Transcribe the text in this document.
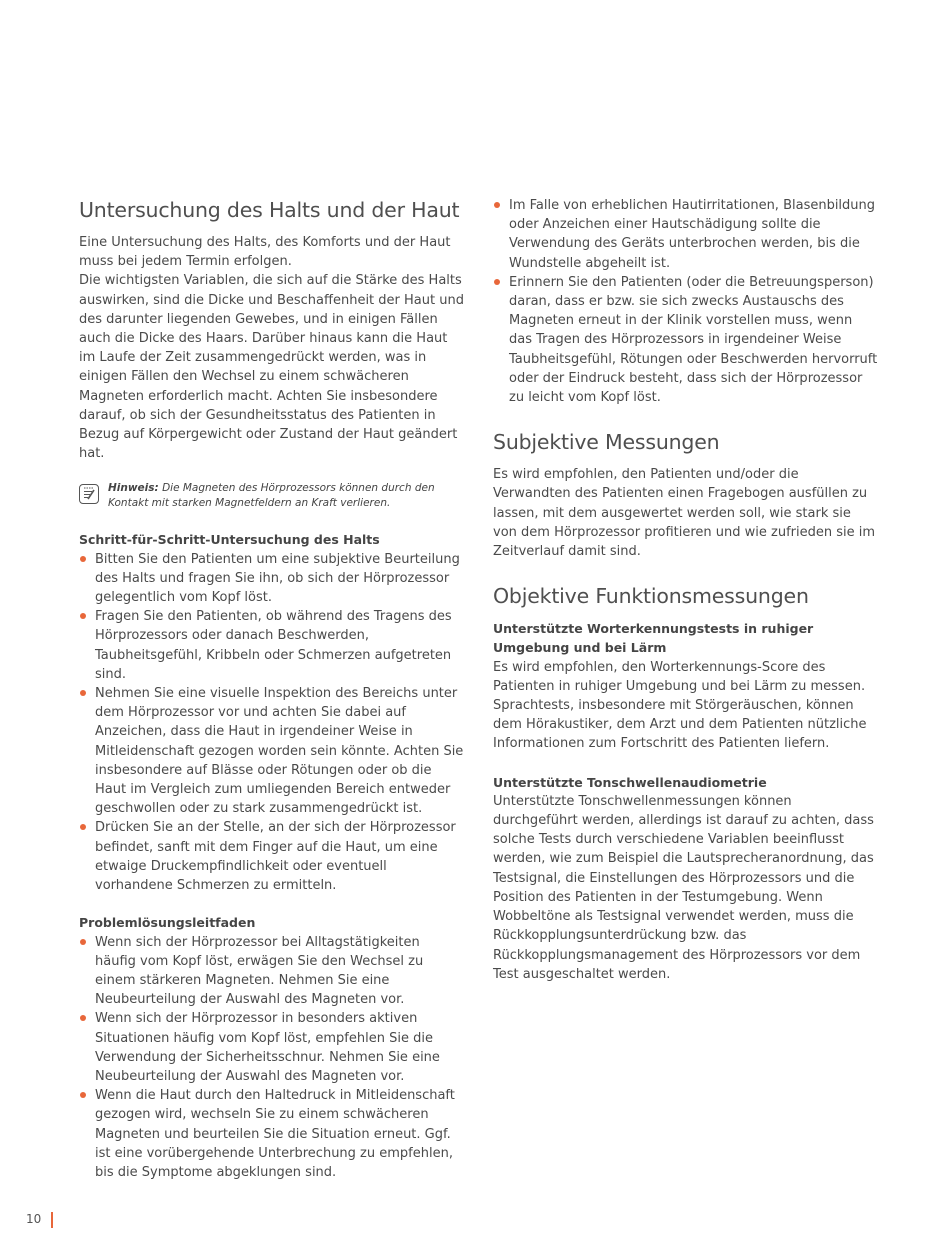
Untersuchung des Halts und der Haut

Eine Untersuchung des Halts, des Komforts und der Haut muss bei jedem Termin erfolgen.

Die wichtigsten Variablen, die sich auf die Stärke des Halts auswirken, sind die Dicke und Beschaffenheit der Haut und des darunter liegenden Gewebes, und in einigen Fällen auch die Dicke des Haars. Darüber hinaus kann die Haut im Laufe der Zeit zusammengedrückt werden, was in einigen Fällen den Wechsel zu einem schwächeren Magneten erforderlich macht. Achten Sie insbesondere darauf, ob sich der Gesundheitsstatus des Patienten in Bezug auf Körpergewicht oder Zustand der Haut geändert hat.

Hinweis: Die Magneten des Hörprozessors können durch den Kontakt mit starken Magnetfeldern an Kraft verlieren.

Schritt-für-Schritt-Untersuchung des Halts

Bitten Sie den Patienten um eine subjektive Beurteilung des Halts und fragen Sie ihn, ob sich der Hörprozessor gelegentlich vom Kopf löst.
Fragen Sie den Patienten, ob während des Tragens des Hörprozessors oder danach Beschwerden, Taubheitsgefühl, Kribbeln oder Schmerzen aufgetreten sind.
Nehmen Sie eine visuelle Inspektion des Bereichs unter dem Hörprozessor vor und achten Sie dabei auf Anzeichen, dass die Haut in irgendeiner Weise in Mitleidenschaft gezogen worden sein könnte. Achten Sie insbesondere auf Blässe oder Rötungen oder ob die Haut im Vergleich zum umliegenden Bereich entweder geschwollen oder zu stark zusammengedrückt ist.
Drücken Sie an der Stelle, an der sich der Hörprozessor befindet, sanft mit dem Finger auf die Haut, um eine etwaige Druckempfindlichkeit oder eventuell vorhandene Schmerzen zu ermitteln.

Problemlösungsleitfaden

Wenn sich der Hörprozessor bei Alltagstätigkeiten häufig vom Kopf löst, erwägen Sie den Wechsel zu einem stärkeren Magneten. Nehmen Sie eine Neubeurteilung der Auswahl des Magneten vor.
Wenn sich der Hörprozessor in besonders aktiven Situationen häufig vom Kopf löst, empfehlen Sie die Verwendung der Sicherheitsschnur. Nehmen Sie eine Neubeurteilung der Auswahl des Magneten vor.
Wenn die Haut durch den Haltedruck in Mitleidenschaft gezogen wird, wechseln Sie zu einem schwächeren Magneten und beurteilen Sie die Situation erneut. Ggf. ist eine vorübergehende Unterbrechung zu empfehlen, bis die Symptome abgeklungen sind.
Im Falle von erheblichen Hautirritationen, Blasenbildung oder Anzeichen einer Hautschädigung sollte die Verwendung des Geräts unterbrochen werden, bis die Wundstelle abgeheilt ist.
Erinnern Sie den Patienten (oder die Betreuungsperson) daran, dass er bzw. sie sich zwecks Austauschs des Magneten erneut in der Klinik vorstellen muss, wenn das Tragen des Hörprozessors in irgendeiner Weise Taubheitsgefühl, Rötungen oder Beschwerden hervorruft oder der Eindruck besteht, dass sich der Hörprozessor zu leicht vom Kopf löst.
Subjektive Messungen

Es wird empfohlen, den Patienten und/oder die Verwandten des Patienten einen Fragebogen ausfüllen zu lassen, mit dem ausgewertet werden soll, wie stark sie von dem Hörprozessor profitieren und wie zufrieden sie im Zeitverlauf damit sind.

Objektive Funktionsmessungen

Unterstützte Worterkennungstests in ruhiger Umgebung und bei Lärm

Es wird empfohlen, den Worterkennungs-Score des Patienten in ruhiger Umgebung und bei Lärm zu messen. Sprachtests, insbesondere mit Störgeräuschen, können dem Hörakustiker, dem Arzt und dem Patienten nützliche Informationen zum Fortschritt des Patienten liefern.

Unterstützte Tonschwellenaudiometrie

Unterstützte Tonschwellenmessungen können durchgeführt werden, allerdings ist darauf zu achten, dass solche Tests durch verschiedene Variablen beeinflusst werden, wie zum Beispiel die Lautsprecheranordnung, das Testsignal, die Einstellungen des Hörprozessors und die Position des Patienten in der Testumgebung. Wenn Wobbeltöne als Testsignal verwendet werden, muss die Rückkopplungsunterdrückung bzw. das Rückkopplungsmanagement des Hörprozessors vor dem Test ausgeschaltet werden.

10
